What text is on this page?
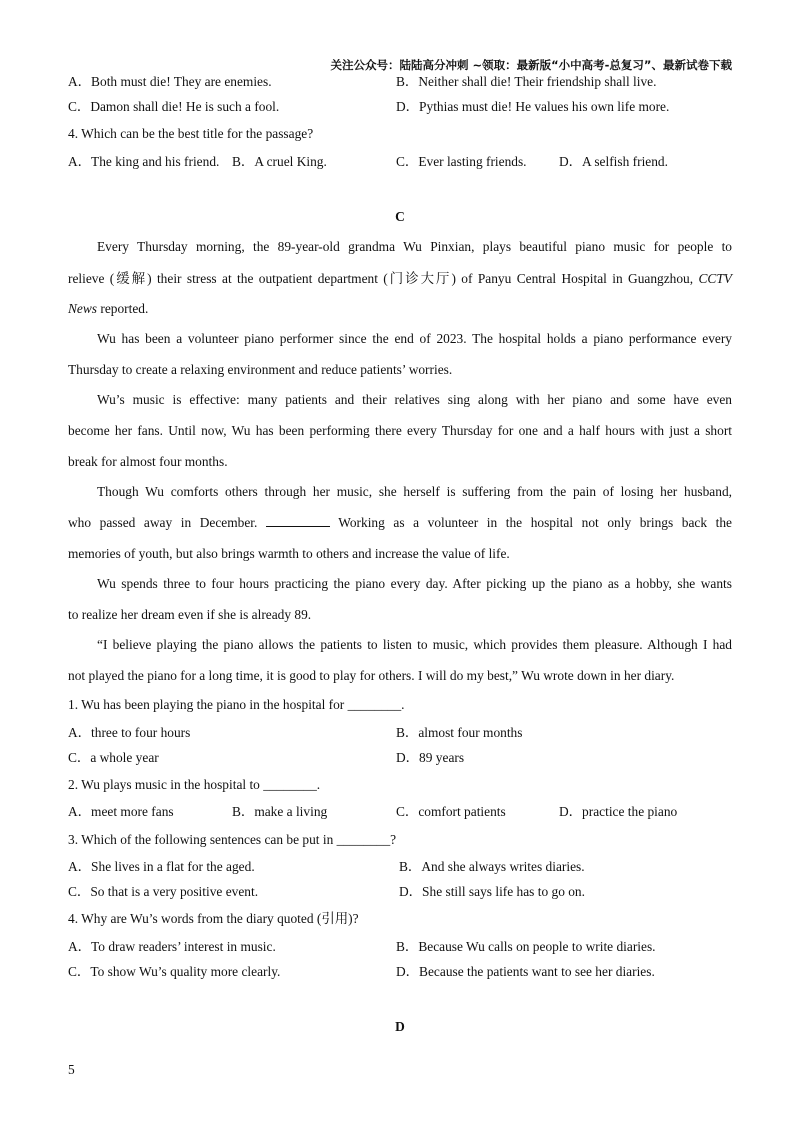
关注公众号：陆陆高分冲刺 ~领取：最新版“小中高考-总复习”、最新试卷下载
A．Both must die! They are enemies.	B．Neither shall die! Their friendship shall live.
C．Damon shall die! He is such a fool.	D．Pythias must die! He values his own life more.
4. Which can be the best title for the passage?
A．The king and his friend. B．A cruel King.	C．Ever lasting friends. D．A selfish friend.
C
Every Thursday morning, the 89-year-old grandma Wu Pinxian, plays beautiful piano music for people to
relieve (缓解) their stress at the outpatient department (门诊大厅) of Panyu Central Hospital in Guangzhou, CCTV
News reported.
Wu has been a volunteer piano performer since the end of 2023. The hospital holds a piano performance every
Thursday to create a relaxing environment and reduce patients’ worries.
Wu’s music is effective: many patients and their relatives sing along with her piano and some have even
become her fans. Until now, Wu has been performing there every Thursday for one and a half hours with just a short
break for almost four months.
Though Wu comforts others through her music, she herself is suffering from the pain of losing her husband,
who passed away in December.	Working as a volunteer in the hospital not only brings back the
memories of youth, but also brings warmth to others and increase the value of life.
Wu spends three to four hours practicing the piano every day. After picking up the piano as a hobby, she wants
to realize her dream even if she is already 89.
“I believe playing the piano allows the patients to listen to music, which provides them pleasure. Although I had
not played the piano for a long time, it is good to play for others. I will do my best,” Wu wrote down in her diary.
1. Wu has been playing the piano in the hospital for ________.
A．three to four hours	B．almost four months
C．a whole year	D．89 years
2. Wu plays music in the hospital to ________.
A．meet more fans	B．make a living	C．comfort patients	D．practice the piano
3. Which of the following sentences can be put in ________?
A．She lives in a flat for the aged.	B．And she always writes diaries.
C．So that is a very positive event.	D．She still says life has to go on.
4. Why are Wu’s words from the diary quoted (引用)?
A．To draw readers’ interest in music.	B．Because Wu calls on people to write diaries.
C．To show Wu’s quality more clearly.	D．Because the patients want to see her diaries.
D
5
